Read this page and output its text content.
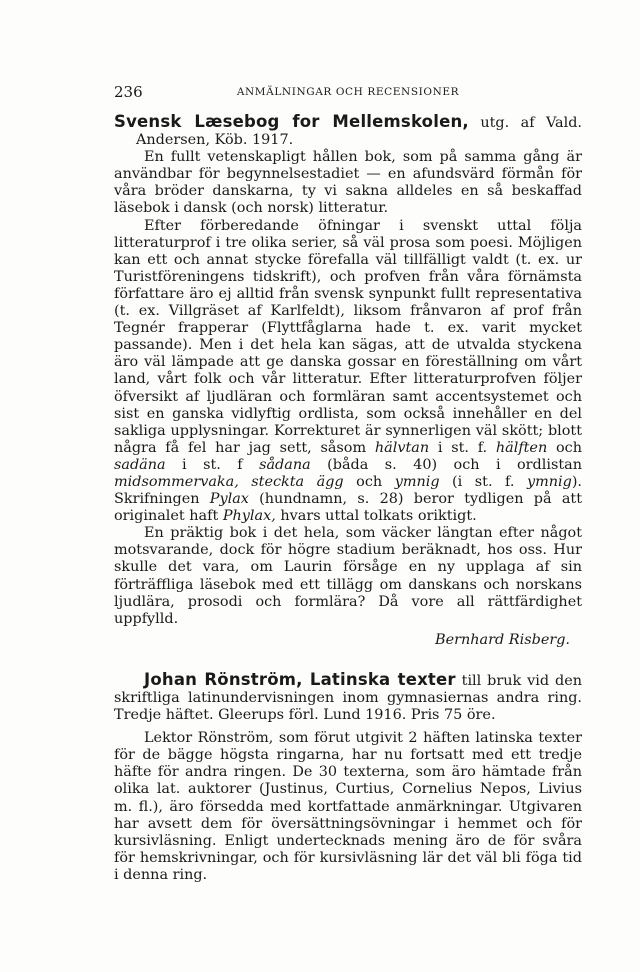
236	ANMÄLNINGAR OCH RECENSIONER

Svensk Læsebog for Mellemskolen, utg. af Vald. Andersen, Köb. 1917.

En fullt vetenskapligt hållen bok, som på samma gång är användbar för begynnelsestadiet — en afundsvärd förmån för våra bröder danskarna, ty vi sakna alldeles en så beskaffad läsebok i dansk (och norsk) litteratur.

Efter förberedande öfningar i svenskt uttal följa litteraturprof i tre olika serier, så väl prosa som poesi. Möjligen kan ett och annat stycke förefalla väl tillfälligt valdt (t. ex. ur Turistföreningens tidskrift), och profven från våra förnämsta författare äro ej alltid från svensk synpunkt fullt representativa (t. ex. Villgräset af Karlfeldt), liksom frånvaron af prof från Tegnér frapperar (Flyttfåglarna hade t. ex. varit mycket passande). Men i det hela kan sägas, att de utvalda styckena äro väl lämpade att ge danska gossar en föreställning om vårt land, vårt folk och vår litteratur. Efter litteraturprofven följer öfversikt af ljudläran och formläran samt accentsystemet och sist en ganska vidlyftig ordlista, som också innehåller en del sakliga upplysningar. Korrekturet är synnerligen väl skött; blott några få fel har jag sett, såsom hälvtan i st. f. hälften och sadäna i st. f sådana (båda s. 40) och i ordlistan midsommervaka, steckta ägg och ymnig (i st. f. ymnig). Skrifningen Pylax (hundnamn, s. 28) beror tydligen på att originalet haft Phylax, hvars uttal tolkats oriktigt.

En präktig bok i det hela, som väcker längtan efter något motsvarande, dock för högre stadium beräknadt, hos oss. Hur skulle det vara, om Laurin försåge en ny upplaga af sin förträffliga läsebok med ett tillägg om danskans och norskans ljudlära, prosodi och formlära? Då vore all rättfärdighet uppfylld.

Bernhard Risberg.

Johan Rönström, Latinska texter till bruk vid den skriftliga latinundervisningen inom gymnasiernas andra ring. Tredje häftet. Gleerups förl. Lund 1916. Pris 75 öre.

Lektor Rönström, som förut utgivit 2 häften latinska texter för de bägge högsta ringarna, har nu fortsatt med ett tredje häfte för andra ringen. De 30 texterna, som äro hämtade från olika lat. auktorer (Justinus, Curtius, Cornelius Nepos, Livius m. fl.), äro försedda med kortfattade anmärkningar. Utgivaren har avsett dem för översättningsövningar i hemmet och för kursivläsning. Enligt undertecknads mening äro de för svåra för hemskrivningar, och för kursivläsning lär det väl bli föga tid i denna ring.
